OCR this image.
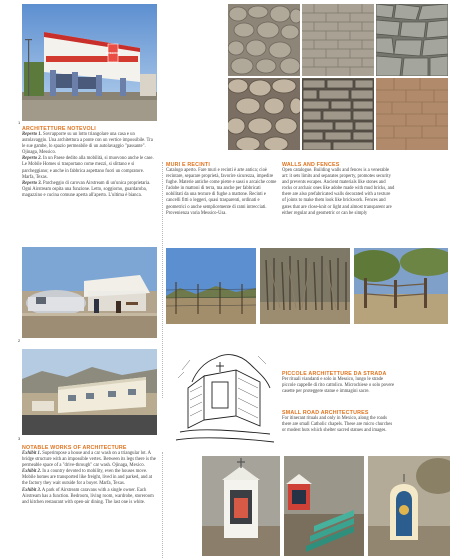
FREEDOM
2
3
ARCHITETTURE NOTEVOLI

Reperto 1. Sovrapporre su un lotto triangolare una casa e un autolavaggio. Una architettura a ponte con un vertice impossibile. Tra le sue gambe, lo spazio permeabile di un autolavaggio "passante". Ojinaga, Messico.

Reperto 2. In un Paese dedito alla mobilità, si muovono anche le case. Le Mobile Homes si trasportano come mezzi, si slittano e si parcheggiano; e anche in fabbrica aspettano fuori un compratore. Marfa, Texas.

Reperto 3. Parcheggio di carovan Airstream di un'unica proprietaria. Ogni Airstream ospita una funzione. Letto, soggiorno, guardaroba, magazzino e cucina comune aperta all'aperto. L'ultima è bianca.

NOTABLE WORKS OF ARCHITECTURE

Exhibit 1. Superimpose a house and a car wash on a triangular lot. A bridge structure with an impossible vertex. Between its legs there is the permeable space of a "drive-through" car wash. Ojinaga, Mexico.

Exhibit 2. In a country devoted to mobility, even the houses move. Mobile homes are transported like freight, lived in and parked, and at the factory they wait outside for a buyer. Marfa, Texas.

Exhibit 3. A park of Airstream caravans with a single owner. Each Airstream has a function. Bedroom, living room, wardrobe, storeroom and kitchen restaurant with open-air dining. The last one is white.

MURI E RECINTI
Catalogo aperto. Fare muri e recinti è arte antica; cioè recintare, separare proprietà, favorire sicurezza, impedire fughe. Materie antiche come pietre e sassi o arcaiche come l'adobe in mattoni di terra, ma anche per fabbricati nobilitati da una texture di fughe a mattone. Recinti e cancelli fitti o leggeri, quasi trasparenti, ordinati e geometrici o anche semplicemente di rami intrecciati. Provenienza varia Messico-Usa.
WALLS AND FENCES
Open catalogue. Building walls and fences is a venerable art: it sets limits and separates property, promotes security and prevents escapes. Ancient materials like stones and rocks or archaic ones like adobe made with mud bricks, and there are also prefabricated walls decorated with a texture of joints to make them look like brickwork. Fences and gates that are close-knit or light and almost transparent are either regular and geometric or can be simply
PICCOLE ARCHITETTURE DA STRADA
Per rituali viandanti e solo in Messico, lungo le strade piccole cappelle di rito cattolico. Microchiese o solo povere casette per proteggere statue e immagini sacre.
SMALL ROAD ARCHITECTURES
For itinerant rituals and only in Mexico, along the roads there are small Catholic chapels. These are micro churches or modest huts which shelter sacred statues and images.
1
